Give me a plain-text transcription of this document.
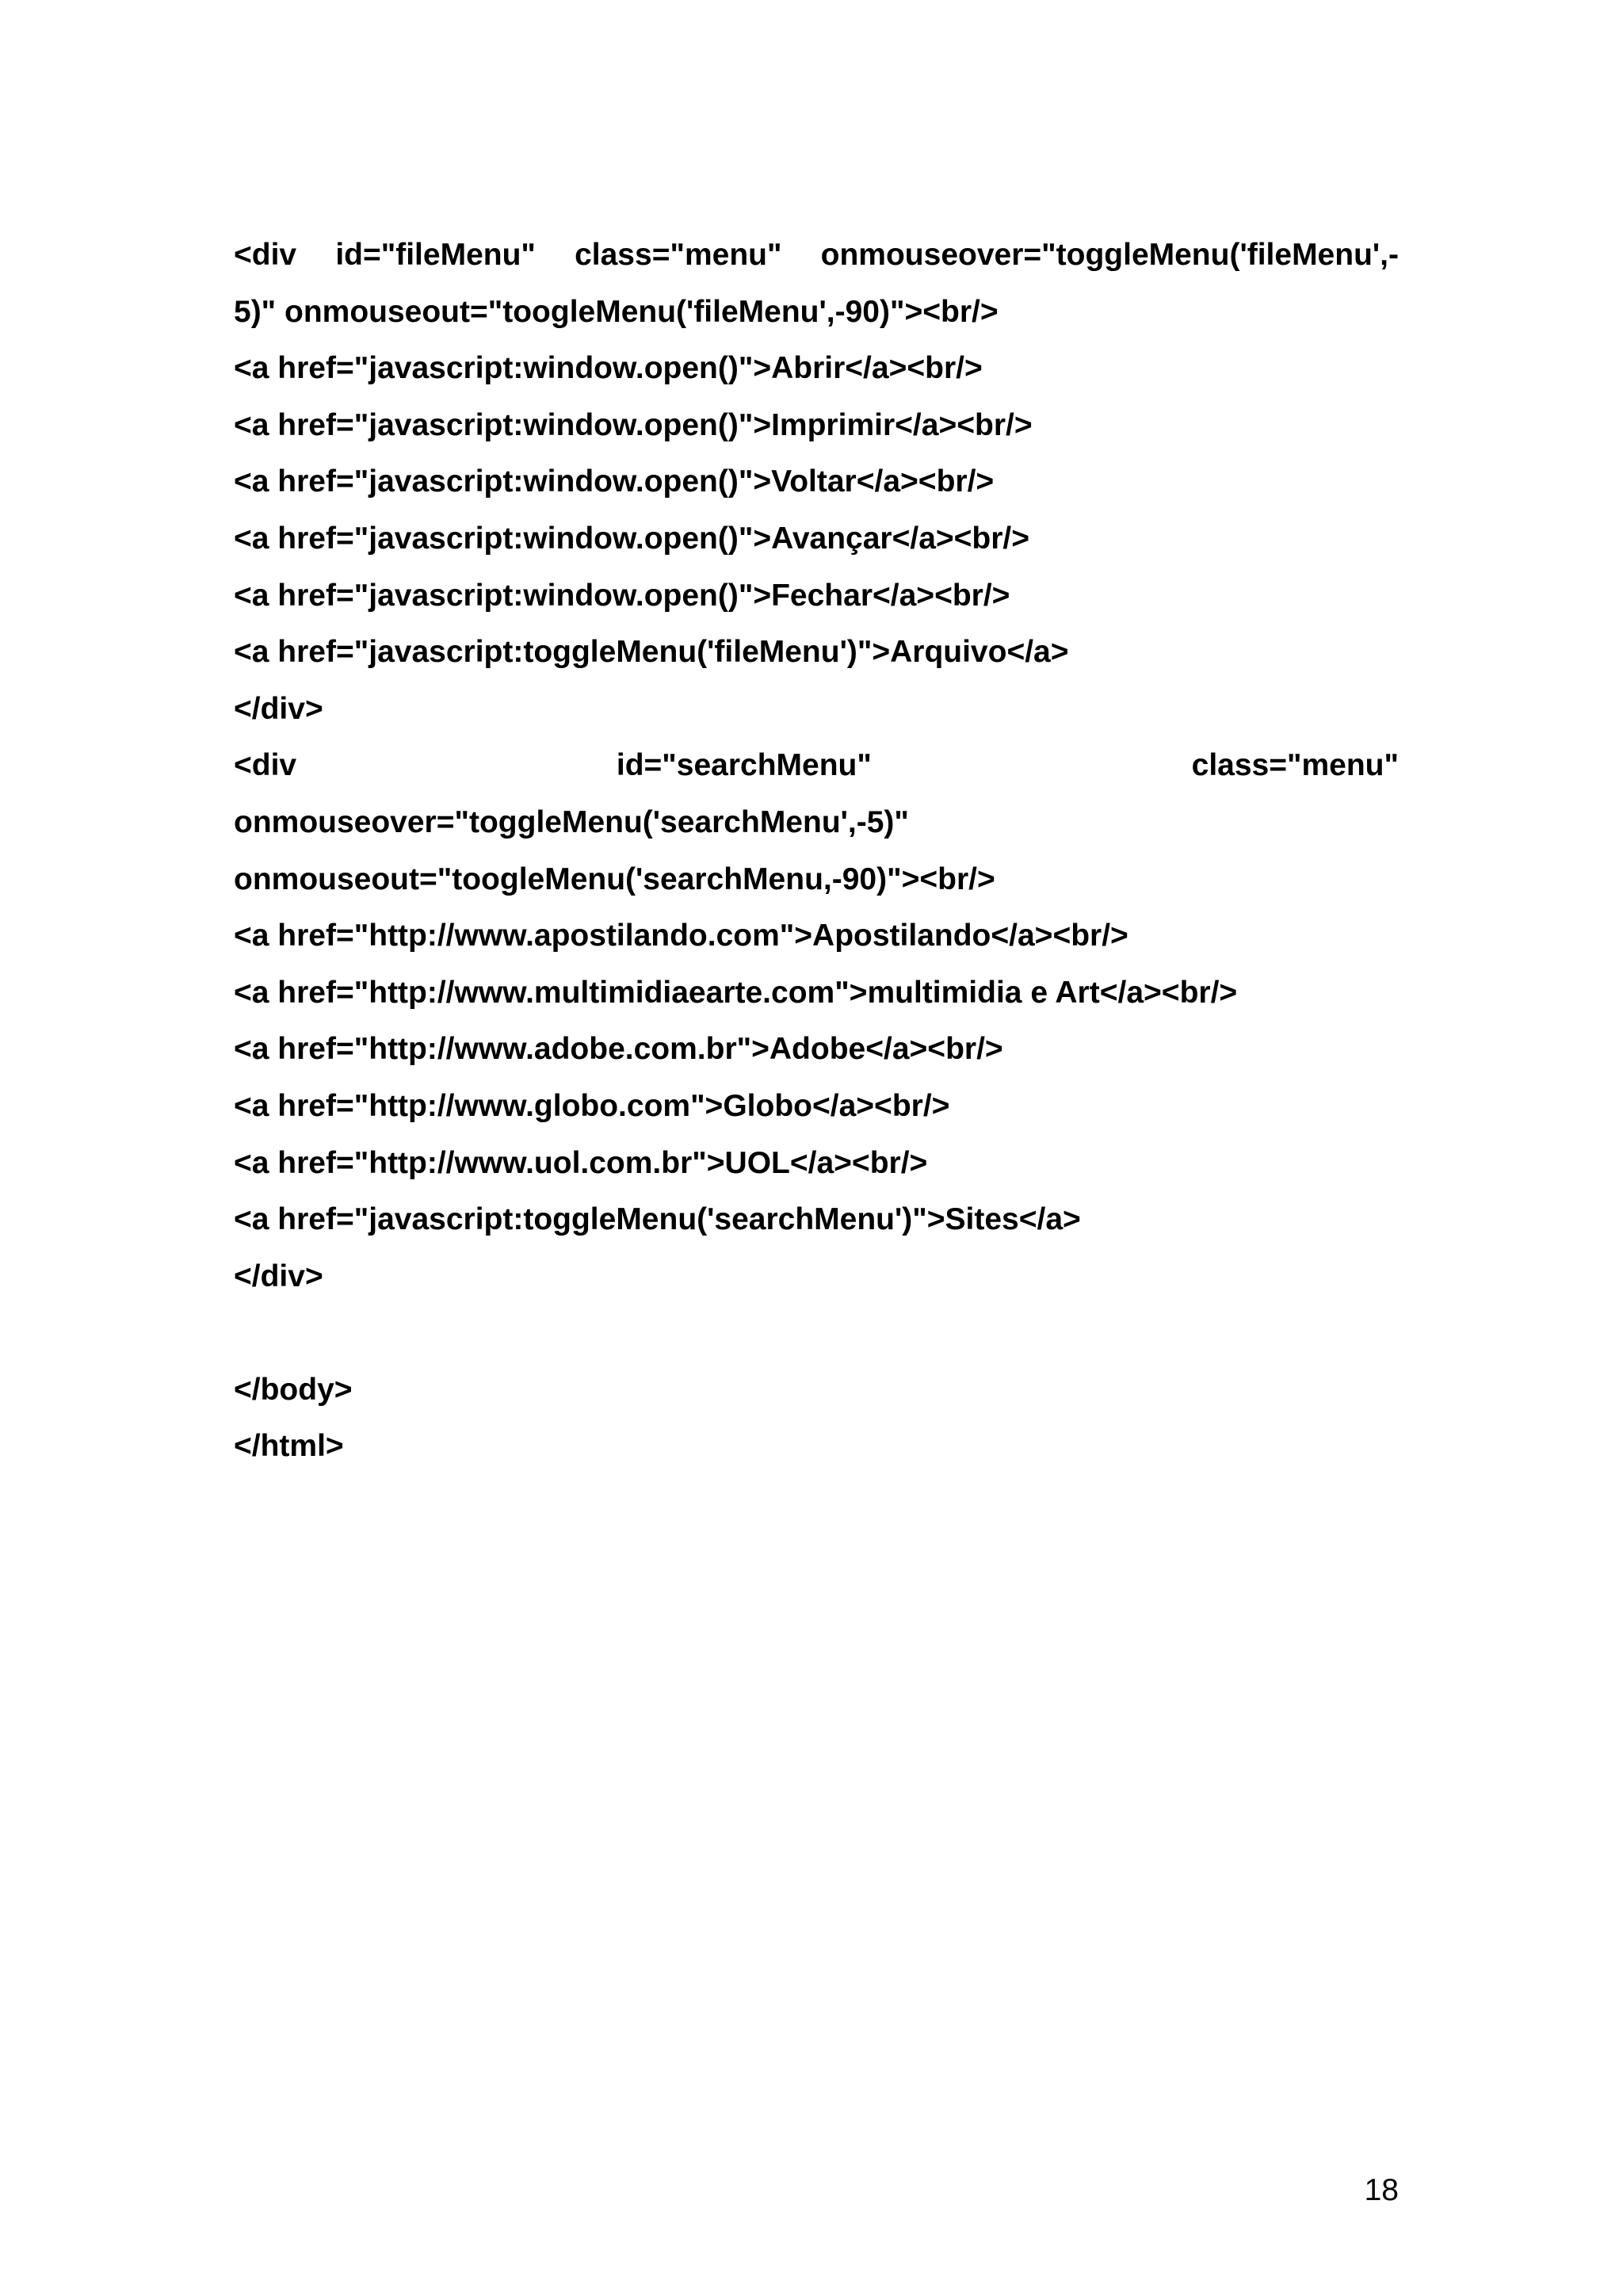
<div id="fileMenu" class="menu" onmouseover="toggleMenu('fileMenu',-
5)" onmouseout="toogleMenu('fileMenu',-90)"><br/>
<a href="javascript:window.open()">Abrir</a><br/>
<a href="javascript:window.open()">Imprimir</a><br/>
<a href="javascript:window.open()">Voltar</a><br/>
<a href="javascript:window.open()">Avançar</a><br/>
<a href="javascript:window.open()">Fechar</a><br/>
<a href="javascript:toggleMenu('fileMenu')">Arquivo</a>
</div>
<div	id="searchMenu"	class="menu"
onmouseover="toggleMenu('searchMenu',-5)"
onmouseout="toogleMenu('searchMenu,-90)"><br/>
<a href="http://www.apostilando.com">Apostilando</a><br/>
<a href="http://www.multimidiaearte.com">multimidia e Art</a><br/>
<a href="http://www.adobe.com.br">Adobe</a><br/>
<a href="http://www.globo.com">Globo</a><br/>
<a href="http://www.uol.com.br">UOL</a><br/>
<a href="javascript:toggleMenu('searchMenu')">Sites</a>
</div>
</body>
</html>
18
